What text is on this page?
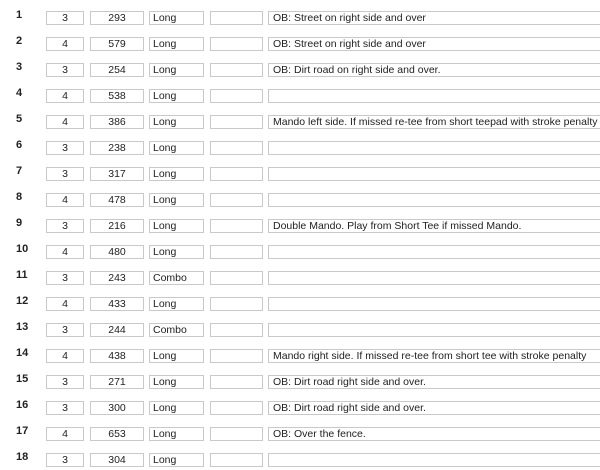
1	3	293	Long	OB: Street on right side and over
2	4	579	Long	OB: Street on right side and over
3	3	254	Long	OB: Dirt road on right side and over.
4	4	538	Long
5	4	386	Long	Mando left side. If missed re-tee from short teepad with stroke penalty
6	3	238	Long
7	3	317	Long
8	4	478	Long
9	3	216	Long	Double Mando. Play from Short Tee if missed Mando.
10	4	480	Long
11	3	243	Combo
12	4	433	Long
13	3	244	Combo
14	4	438	Long	Mando right side. If missed re-tee from short tee with stroke penalty
15	3	271	Long	OB: Dirt road right side and over.
16	3	300	Long	OB: Dirt road right side and over.
17	4	653	Long	OB: Over the fence.
18	3	304	Long
